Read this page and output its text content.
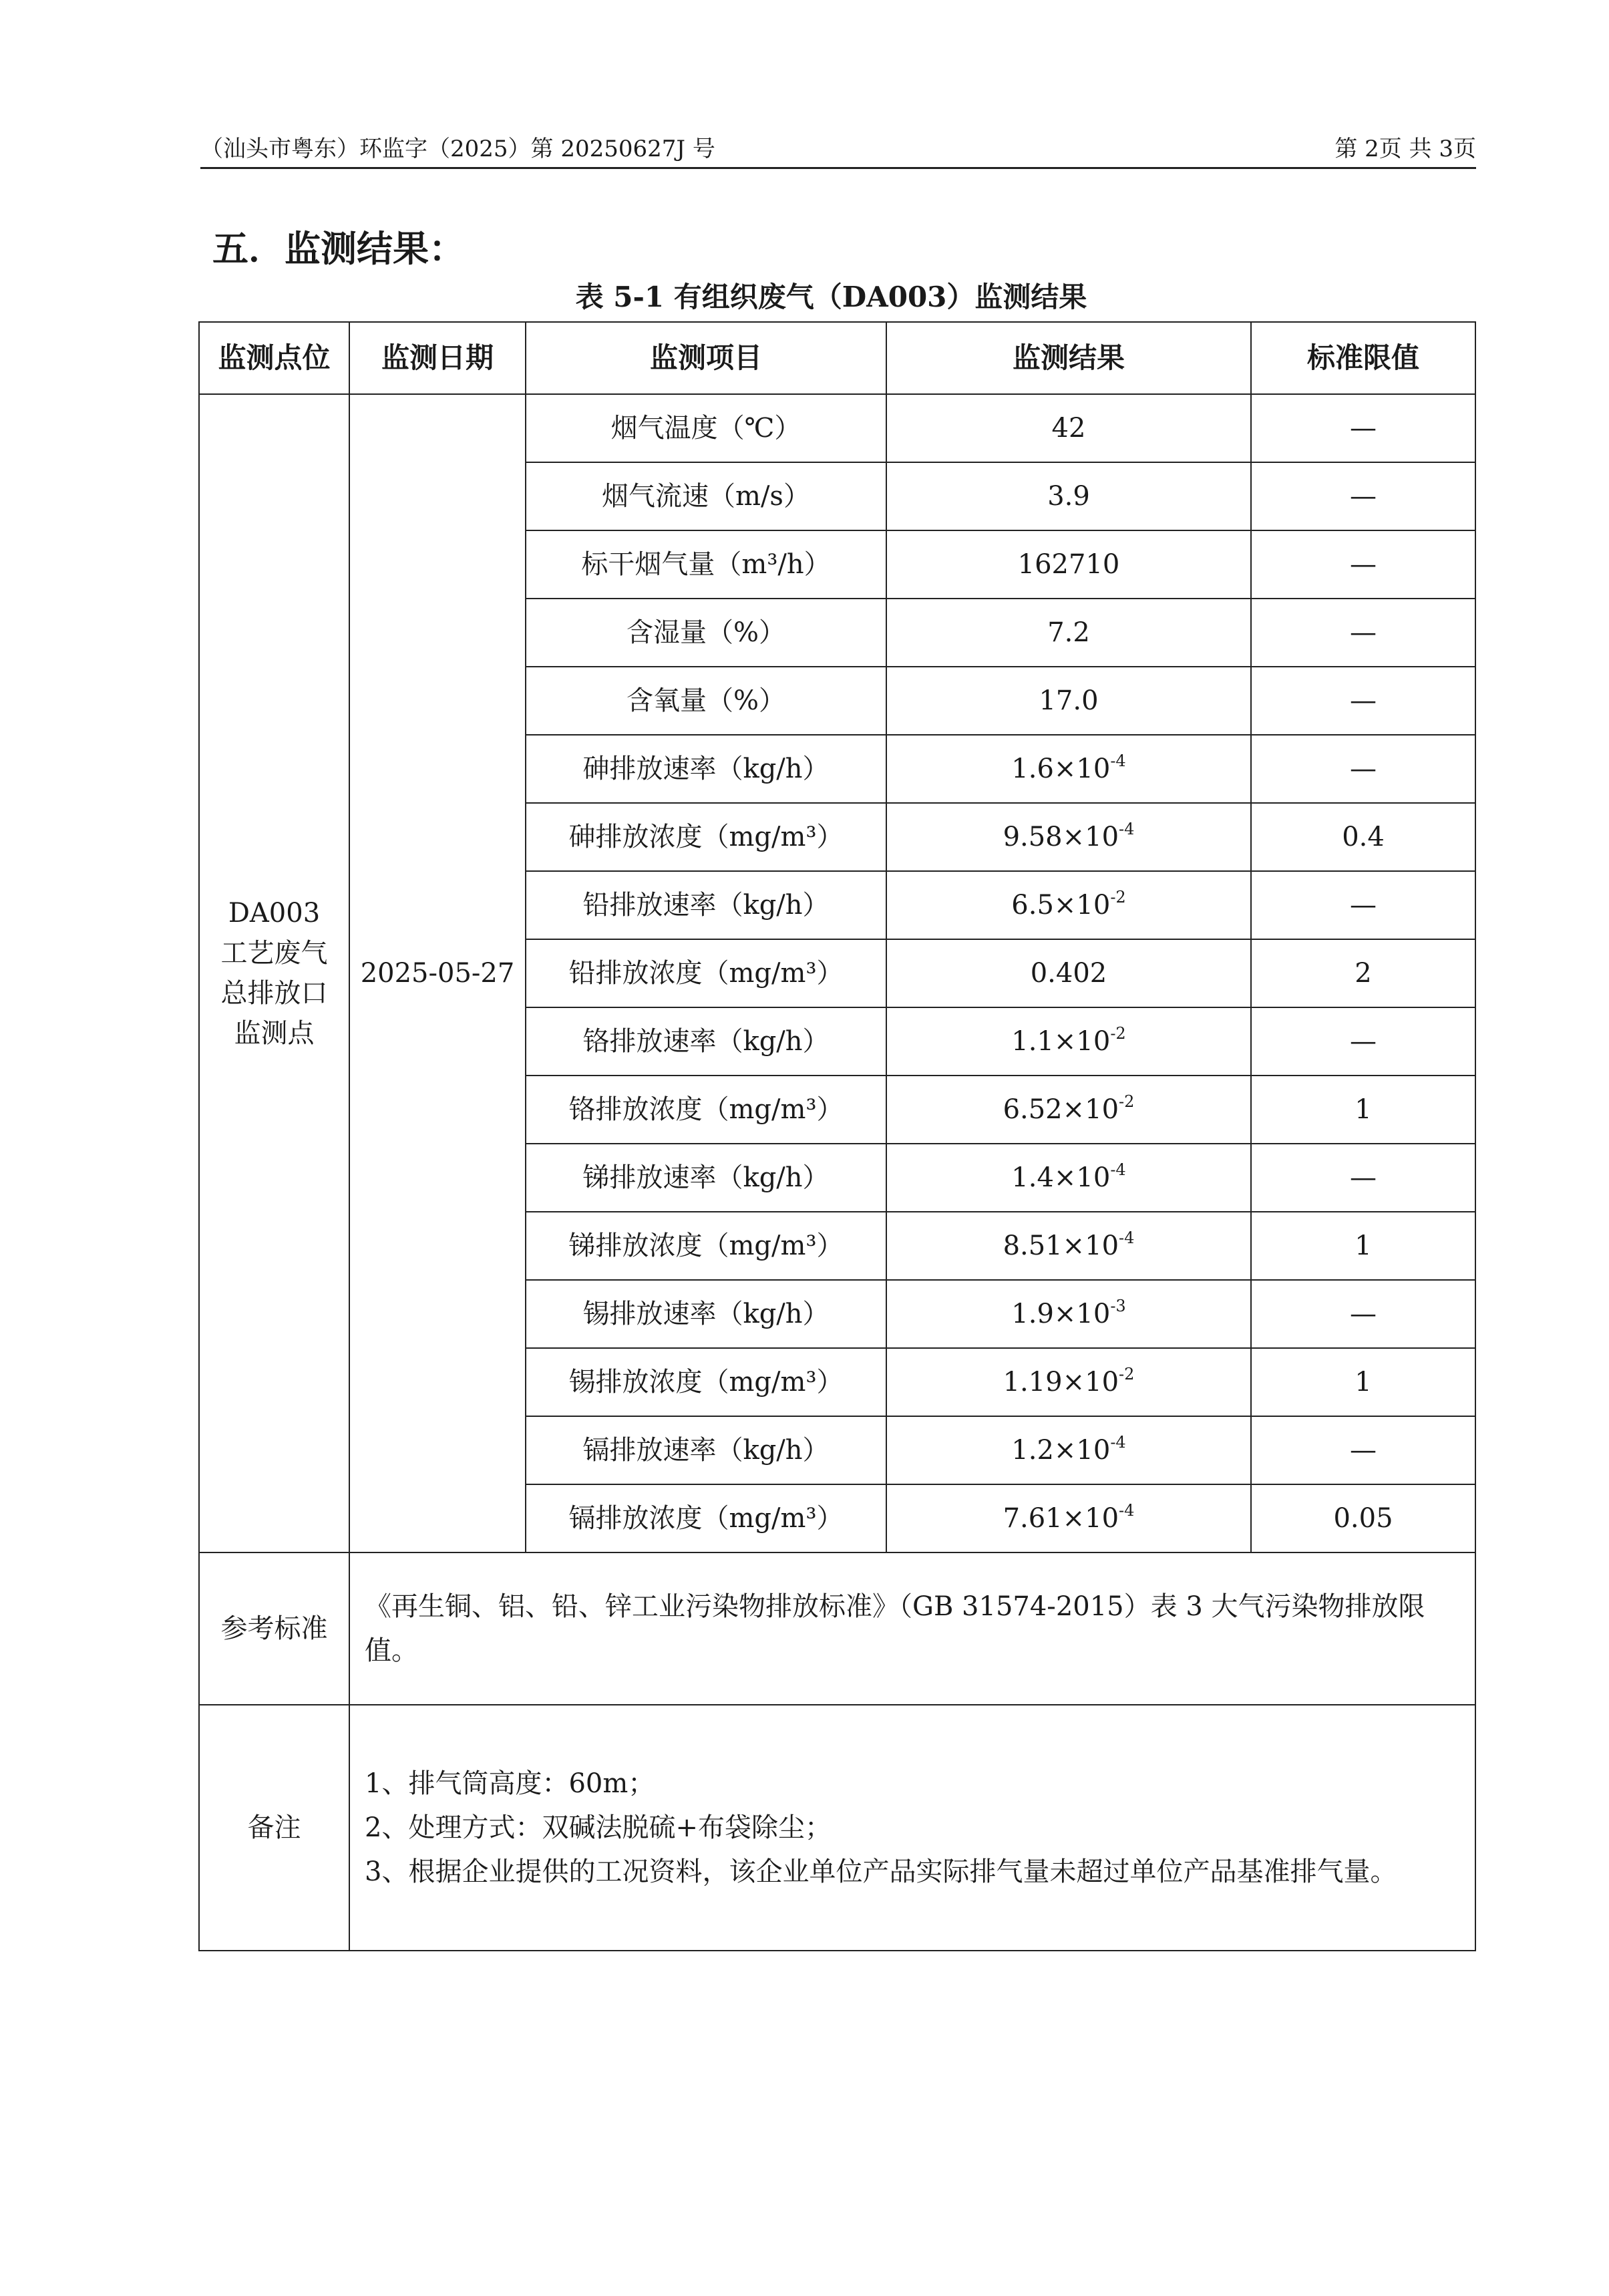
（汕头市粤东）环监字（2025）第 20250627J 号	第 2页 共 3页
五．监测结果：
表 5-1 有组织废气（DA003）监测结果
监测点位	监测日期	监测项目	监测结果	标准限值

DA003
工艺废气
总排放口
监测点	2025-05-27	烟气温度（℃）	42	—
		烟气流速（m/s）	3.9	—
		标干烟气量（m³/h）	162710	—
		含湿量（%）	7.2	—
		含氧量（%）	17.0	—
		砷排放速率（kg/h）	$1.6\times 10^{-4}$	—
		砷排放浓度（mg/m³）	$9.58\times 10^{-4}$	0.4
		铅排放速率（kg/h）	$6.5\times 10^{-2}$	—
		铅排放浓度（mg/m³）	0.402	2
		铬排放速率（kg/h）	$1.1\times 10^{-2}$	—
		铬排放浓度（mg/m³）	$6.52\times 10^{-2}$	1
		锑排放速率（kg/h）	$1.4\times 10^{-4}$	—
		锑排放浓度（mg/m³）	$8.51\times 10^{-4}$	1
		锡排放速率（kg/h）	$1.9\times 10^{-3}$	—
		锡排放浓度（mg/m³）	$1.19\times 10^{-2}$	1
		镉排放速率（kg/h）	$1.2\times 10^{-4}$	—
		镉排放浓度（mg/m³）	$7.61\times 10^{-4}$	0.05
参考标准	《再生铜、铝、铅、锌工业污染物排放标准》（GB 31574-2015）表 3 大气污染物排放限值。			
备注	1、排气筒高度：60m；
2、处理方式：双碱法脱硫+布袋除尘；
3、根据企业提供的工况资料，该企业单位产品实际排气量未超过单位产品基准排气量。			
